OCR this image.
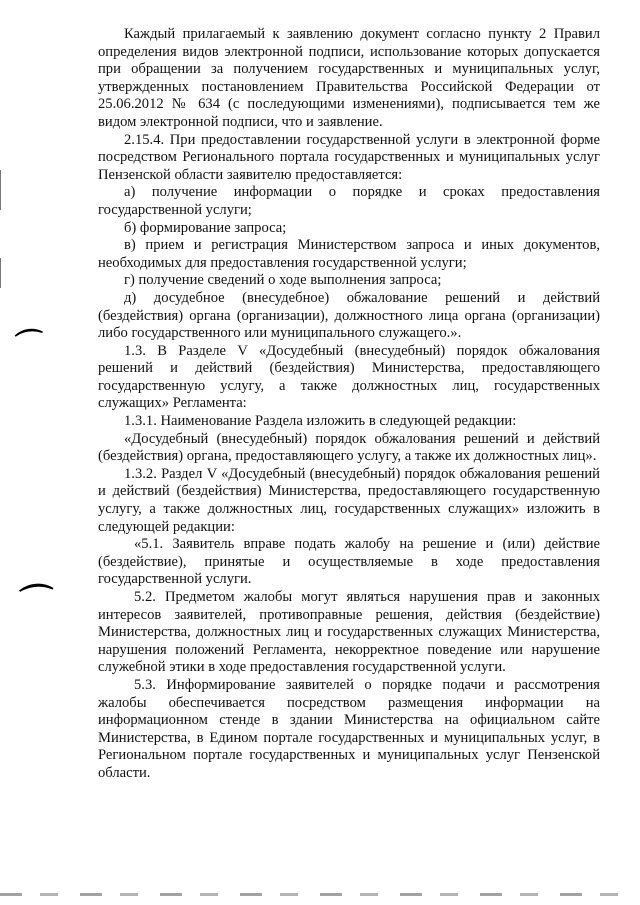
⌒
⌒

Каждый прилагаемый к заявлению документ согласно пункту 2 Правил определения видов электронной подписи, использование которых допускается при обращении за получением государственных и муниципальных услуг, утвержденных постановлением Правительства Российской Федерации от 25.06.2012 № 634 (с последующими изменениями), подписывается тем же видом электронной подписи, что и заявление.

2.15.4. При предоставлении государственной услуги в электронной форме посредством Регионального портала государственных и муниципальных услуг Пензенской области заявителю предоставляется:

а) получение информации о порядке и сроках предоставления государственной услуги;

б) формирование запроса;

в) прием и регистрация Министерством запроса и иных документов, необходимых для предоставления государственной услуги;

г) получение сведений о ходе выполнения запроса;

д) досудебное (внесудебное) обжалование решений и действий (бездействия) органа (организации), должностного лица органа (организации) либо государственного или муниципального служащего.».

1.3. В Разделе V «Досудебный (внесудебный) порядок обжалования решений и действий (бездействия) Министерства, предоставляющего государственную услугу, а также должностных лиц, государственных служащих» Регламента:

1.3.1. Наименование Раздела изложить в следующей редакции:

«Досудебный (внесудебный) порядок обжалования решений и действий (бездействия) органа, предоставляющего услугу, а также их должностных лиц».

1.3.2. Раздел V «Досудебный (внесудебный) порядок обжалования решений и действий (бездействия) Министерства, предоставляющего государственную услугу, а также должностных лиц, государственных служащих» изложить в следующей редакции:

«5.1. Заявитель вправе подать жалобу на решение и (или) действие (бездействие), принятые и осуществляемые в ходе предоставления государственной услуги.

5.2. Предметом жалобы могут являться нарушения прав и законных интересов заявителей, противоправные решения, действия (бездействие) Министерства, должностных лиц и государственных служащих Министерства, нарушения положений Регламента, некорректное поведение или нарушение служебной этики в ходе предоставления государственной услуги.

5.3. Информирование заявителей о порядке подачи и рассмотрения жалобы обеспечивается посредством размещения информации на информационном стенде в здании Министерства на официальном сайте Министерства, в Едином портале государственных и муниципальных услуг, в Региональном портале государственных и муниципальных услуг Пензенской области.
